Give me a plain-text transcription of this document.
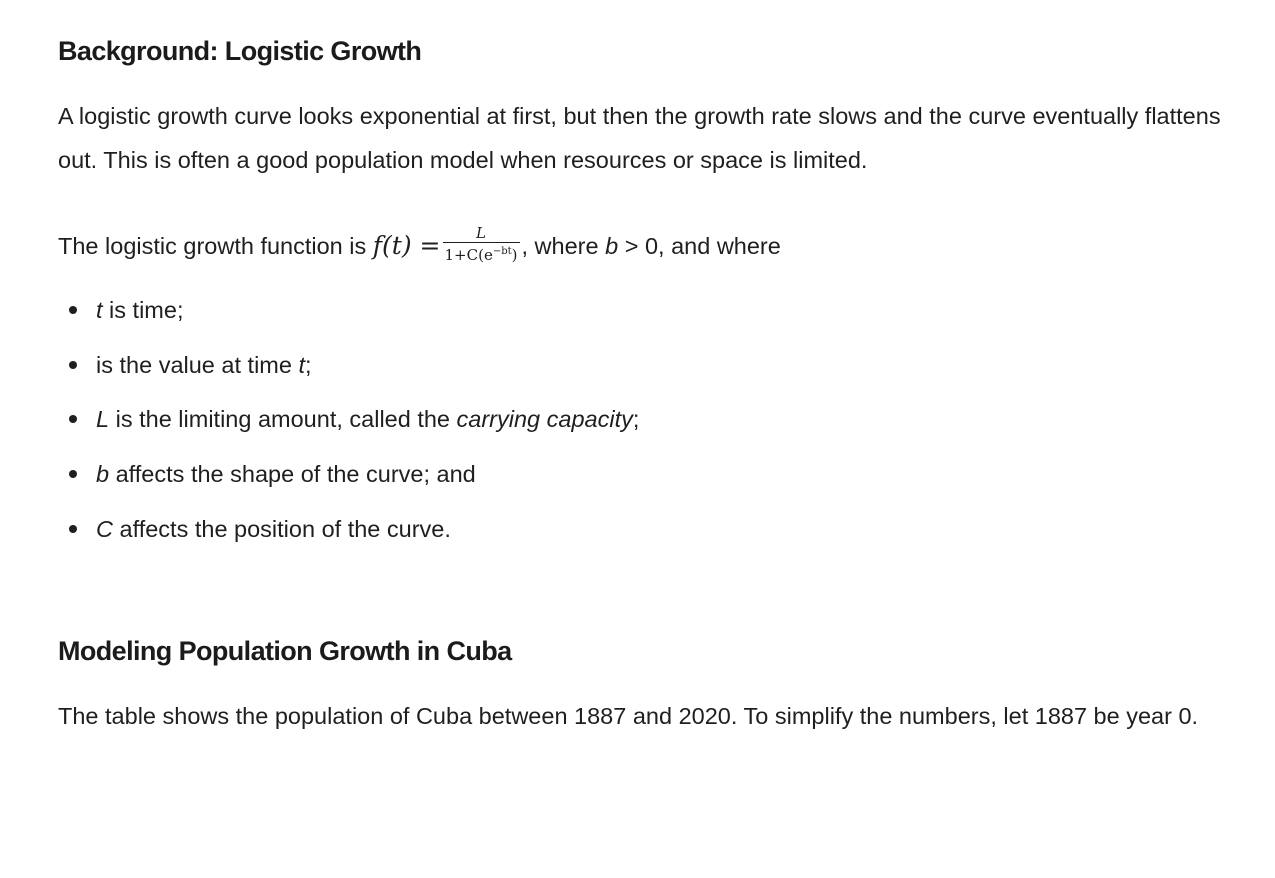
Background: Logistic Growth

A logistic growth curve looks exponential at first, but then the growth rate slows and the curve eventually flattens out. This is often a good population model when resources or space is limited.

The logistic growth function is $f(t) = \frac{L}{1+C(e^{-bt})}$ , where b > 0, and where

t is time;
is the value at time t;
L is the limiting amount, called the carrying capacity;
b affects the shape of the curve; and
C affects the position of the curve.
Modeling Population Growth in Cuba

The table shows the population of Cuba between 1887 and 2020. To simplify the numbers, let 1887 be year 0.
